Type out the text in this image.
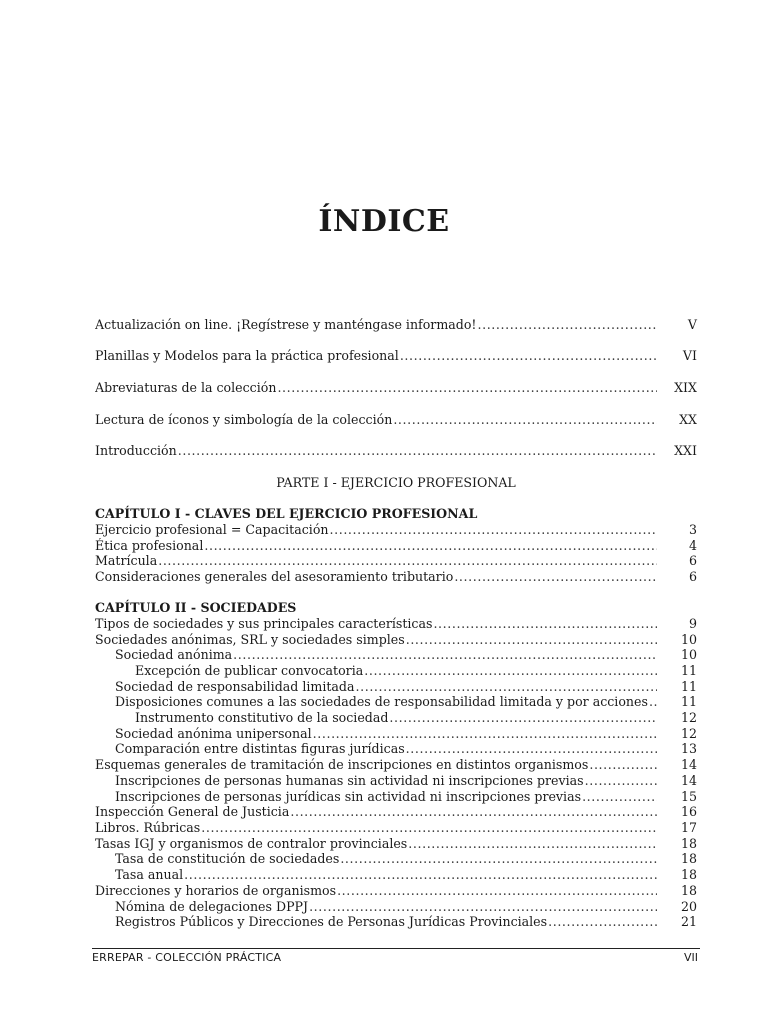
ÍNDICE
Actualización on line. ¡Regístrese y manténgase informado! .....	V
Planillas y Modelos para la práctica profesional .....	VI
Abreviaturas de la colección .....	XIX
Lectura de íconos y simbología de la colección .....	XX
Introducción .....	XXI
PARTE I - EJERCICIO PROFESIONAL
CAPÍTULO I - CLAVES DEL EJERCICIO PROFESIONAL
Ejercicio profesional = Capacitación .....	3
Ética profesional .....	4
Matrícula .....	6
Consideraciones generales del asesoramiento tributario .....	6
CAPÍTULO II - SOCIEDADES
Tipos de sociedades y sus principales características .....	9
Sociedades anónimas, SRL y sociedades simples .....	10
Sociedad anónima .....	10
Excepción de publicar convocatoria .....	11
Sociedad de responsabilidad limitada .....	11
Disposiciones comunes a las sociedades de responsabilidad limitada y por acciones .....	11
Instrumento constitutivo de la sociedad .....	12
Sociedad anónima unipersonal .....	12
Comparación entre distintas figuras jurídicas .....	13
Esquemas generales de tramitación de inscripciones en distintos organismos .....	14
Inscripciones de personas humanas sin actividad ni inscripciones previas .....	14
Inscripciones de personas jurídicas sin actividad ni inscripciones previas .....	15
Inspección General de Justicia .....	16
Libros. Rúbricas .....	17
Tasas IGJ y organismos de contralor provinciales .....	18
Tasa de constitución de sociedades .....	18
Tasa anual .....	18
Direcciones y horarios de organismos .....	18
Nómina de delegaciones DPPJ .....	20
Registros Públicos y Direcciones de Personas Jurídicas Provinciales .....	21
ERREPAR - COLECCIÓN PRÁCTICA	VII
